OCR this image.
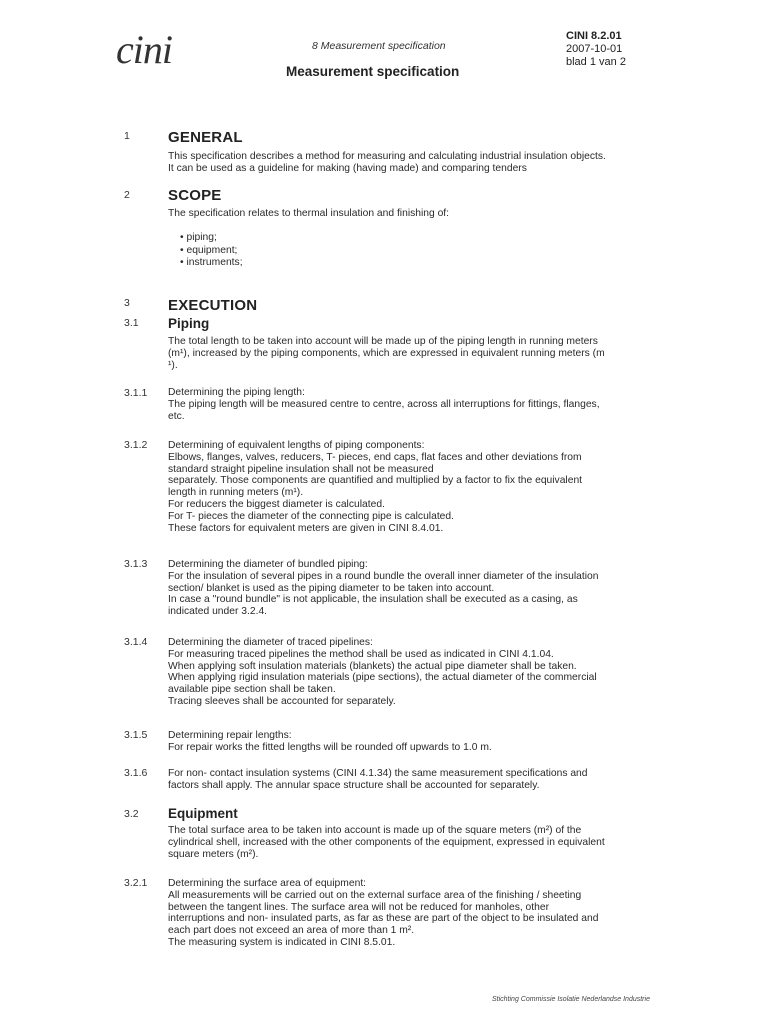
cini	8 Measurement specification
Measurement specification
CINI 8.2.01
2007-10-01
blad 1 van 2
1	GENERAL
This specification describes a method for measuring and calculating industrial insulation objects.
It can be used as a guideline for making (having made) and comparing tenders
2	SCOPE
The specification relates to thermal insulation and finishing of:
• piping;
• equipment;
• instruments;
3	EXECUTION
3.1 Piping
The total length to be taken into account will be made up of the piping length in running meters
(m¹), increased by the piping components, which are expressed in equivalent running meters (m
¹).
3.1.1 Determining the piping length:
The piping length will be measured centre to centre, across all interruptions for fittings, flanges,
etc.
3.1.2 Determining of equivalent lengths of piping components:
Elbows, flanges, valves, reducers, T- pieces, end caps, flat faces and other deviations from
standard straight pipeline insulation shall not be measured
separately. Those components are quantified and multiplied by a factor to fix the equivalent
length in running meters (m¹).
For reducers the biggest diameter is calculated.
For T- pieces the diameter of the connecting pipe is calculated.
These factors for equivalent meters are given in CINI 8.4.01.
3.1.3 Determining the diameter of bundled piping:
For the insulation of several pipes in a round bundle the overall inner diameter of the insulation
section/ blanket is used as the piping diameter to be taken into account.
In case a "round bundle" is not applicable, the insulation shall be executed as a casing, as
indicated under 3.2.4.
3.1.4 Determining the diameter of traced pipelines:
For measuring traced pipelines the method shall be used as indicated in CINI 4.1.04.
When applying soft insulation materials (blankets) the actual pipe diameter shall be taken.
When applying rigid insulation materials (pipe sections), the actual diameter of the commercial
available pipe section shall be taken.
Tracing sleeves shall be accounted for separately.
3.1.5 Determining repair lengths:
For repair works the fitted lengths will be rounded off upwards to 1.0 m.
3.1.6 For non- contact insulation systems (CINI 4.1.34) the same measurement specifications and
factors shall apply. The annular space structure shall be accounted for separately.
3.2 Equipment
The total surface area to be taken into account is made up of the square meters (m²) of the
cylindrical shell, increased with the other components of the equipment, expressed in equivalent
square meters (m²).
3.2.1 Determining the surface area of equipment:
All measurements will be carried out on the external surface area of the finishing / sheeting
between the tangent lines. The surface area will not be reduced for manholes, other
interruptions and non- insulated parts, as far as these are part of the object to be insulated and
each part does not exceed an area of more than 1 m².
The measuring system is indicated in CINI 8.5.01.
Stichting Commissie Isolatie Nederlandse Industrie
